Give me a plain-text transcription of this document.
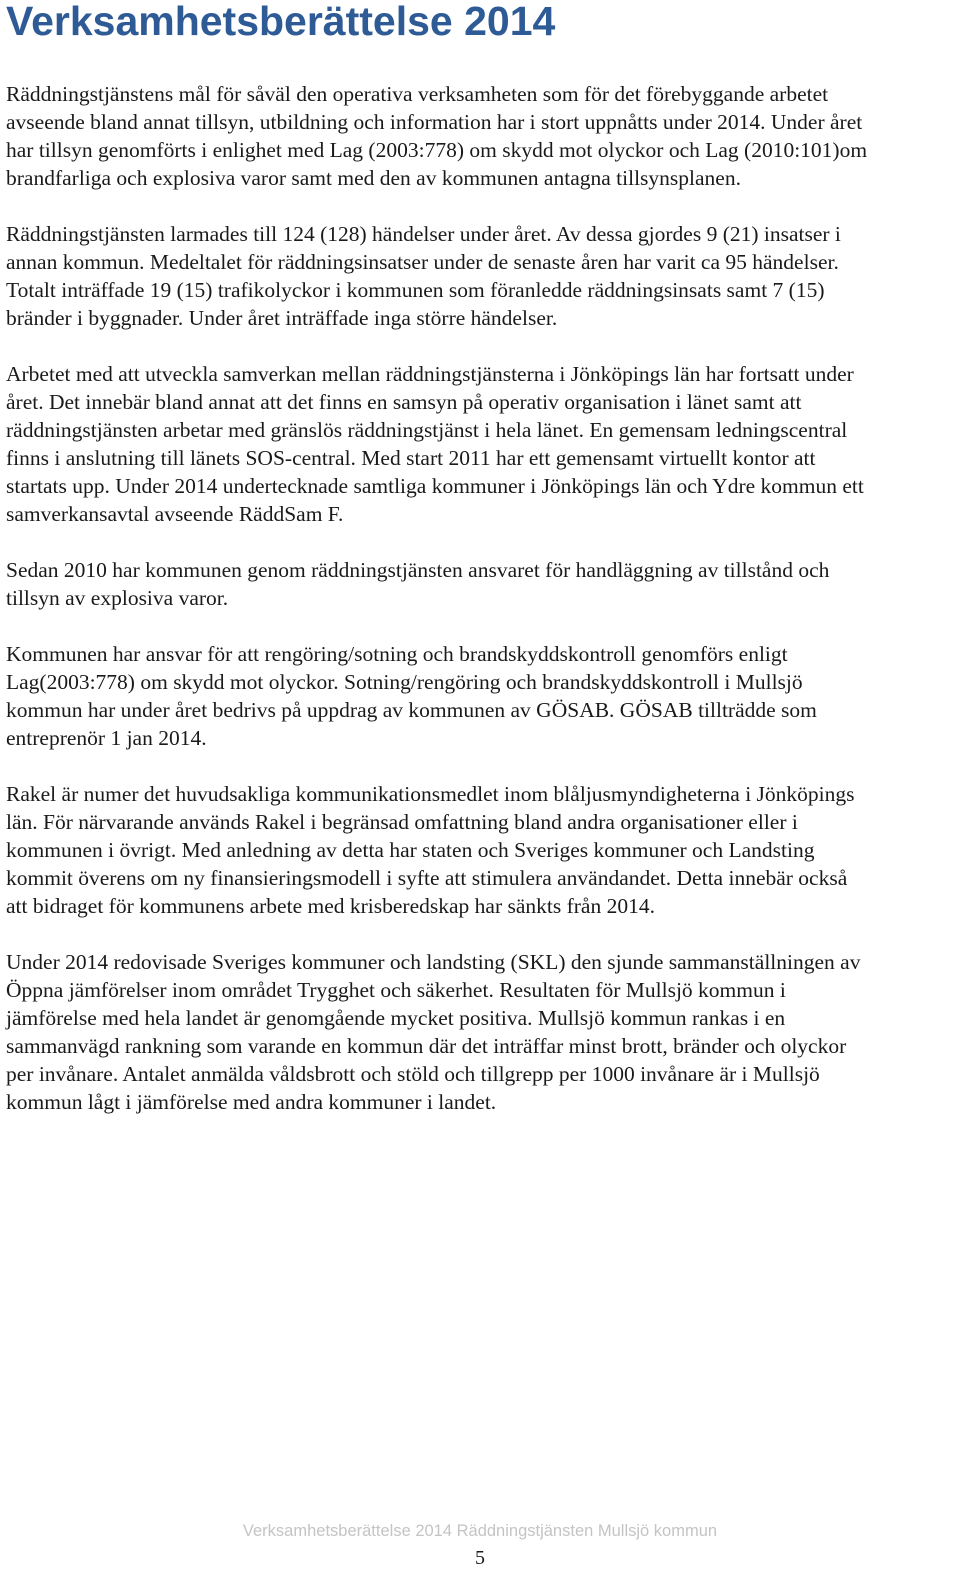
Verksamhetsberättelse 2014

Räddningstjänstens mål för såväl den operativa verksamheten som för det förebyggande arbetet
avseende bland annat tillsyn, utbildning och information har i stort uppnåtts under 2014. Under året
har tillsyn genomförts i enlighet med Lag (2003:778) om skydd mot olyckor och Lag (2010:101)om
brandfarliga och explosiva varor samt med den av kommunen antagna tillsynsplanen.

Räddningstjänsten larmades till 124 (128) händelser under året. Av dessa gjordes 9 (21) insatser i
annan kommun. Medeltalet för räddningsinsatser under de senaste åren har varit ca 95 händelser.
Totalt inträffade 19 (15) trafikolyckor i kommunen som föranledde räddningsinsats samt 7 (15)
bränder i byggnader. Under året inträffade inga större händelser.

Arbetet med att utveckla samverkan mellan räddningstjänsterna i Jönköpings län har fortsatt under
året. Det innebär bland annat att det finns en samsyn på operativ organisation i länet samt att
räddningstjänsten arbetar med gränslös räddningstjänst i hela länet. En gemensam ledningscentral
finns i anslutning till länets SOS-central. Med start 2011 har ett gemensamt virtuellt kontor att
startats upp. Under 2014 undertecknade samtliga kommuner i Jönköpings län och Ydre kommun ett
samverkansavtal avseende RäddSam F.

Sedan 2010 har kommunen genom räddningstjänsten ansvaret för handläggning av tillstånd och
tillsyn av explosiva varor.

Kommunen har ansvar för att rengöring/sotning och brandskyddskontroll genomförs enligt
Lag(2003:778) om skydd mot olyckor. Sotning/rengöring och brandskyddskontroll i Mullsjö
kommun har under året bedrivs på uppdrag av kommunen av GÖSAB. GÖSAB tillträdde som
entreprenör 1 jan 2014.

Rakel är numer det huvudsakliga kommunikationsmedlet inom blåljusmyndigheterna i Jönköpings
län. För närvarande används Rakel i begränsad omfattning bland andra organisationer eller i
kommunen i övrigt. Med anledning av detta har staten och Sveriges kommuner och Landsting
kommit överens om ny finansieringsmodell i syfte att stimulera användandet. Detta innebär också
att bidraget för kommunens arbete med krisberedskap har sänkts från 2014.

Under 2014 redovisade Sveriges kommuner och landsting (SKL) den sjunde sammanställningen av
Öppna jämförelser inom området Trygghet och säkerhet. Resultaten för Mullsjö kommun i
jämförelse med hela landet är genomgående mycket positiva. Mullsjö kommun rankas i en
sammanvägd rankning som varande en kommun där det inträffar minst brott, bränder och olyckor
per invånare. Antalet anmälda våldsbrott och stöld och tillgrepp per 1000 invånare är i Mullsjö
kommun lågt i jämförelse med andra kommuner i landet.

Verksamhetsberättelse 2014 Räddningstjänsten Mullsjö kommun
5
